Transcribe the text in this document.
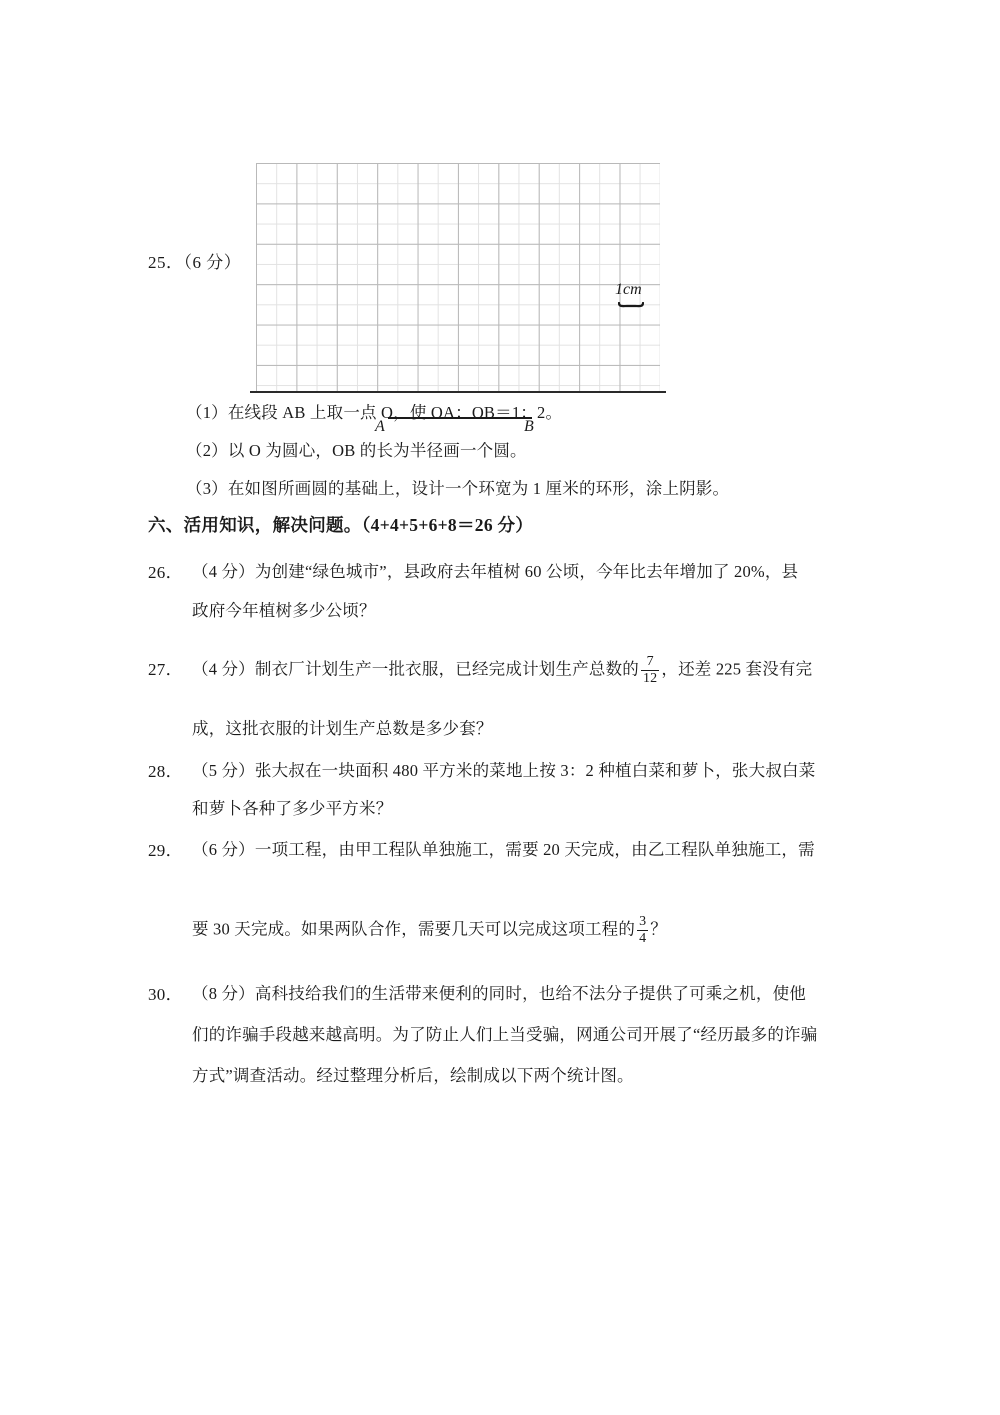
25．（6 分）
1cm
A	B
（1）在线段 AB 上取一点 O，使 OA：OB＝1：2。
（2）以 O 为圆心，OB 的长为半径画一个圆。
（3）在如图所画圆的基础上，设计一个环宽为 1 厘米的环形，涂上阴影。
六、活用知识，解决问题。（4+4+5+6+8＝26 分）
26． （4 分）为创建“绿色城市”，县政府去年植树 60 公顷，今年比去年增加了 20%，县
政府今年植树多少公顷？
27． （4 分）制衣厂计划生产一批衣服，已经完成计划生产总数的 $\frac{7}{12}$ ，还差 225 套没有完
成，这批衣服的计划生产总数是多少套？
28． （5 分）张大叔在一块面积 480 平方米的菜地上按 3：2 种植白菜和萝卜，张大叔白菜
和萝卜各种了多少平方米？
29． （6 分）一项工程，由甲工程队单独施工，需要 20 天完成，由乙工程队单独施工，需
要 30 天完成。如果两队合作，需要几天可以完成这项工程的 $\frac{3}{4}$ ？
30． （8 分）高科技给我们的生活带来便利的同时，也给不法分子提供了可乘之机，使他
们的诈骗手段越来越高明。为了防止人们上当受骗，网通公司开展了“经历最多的诈骗
方式”调查活动。经过整理分析后，绘制成以下两个统计图。
